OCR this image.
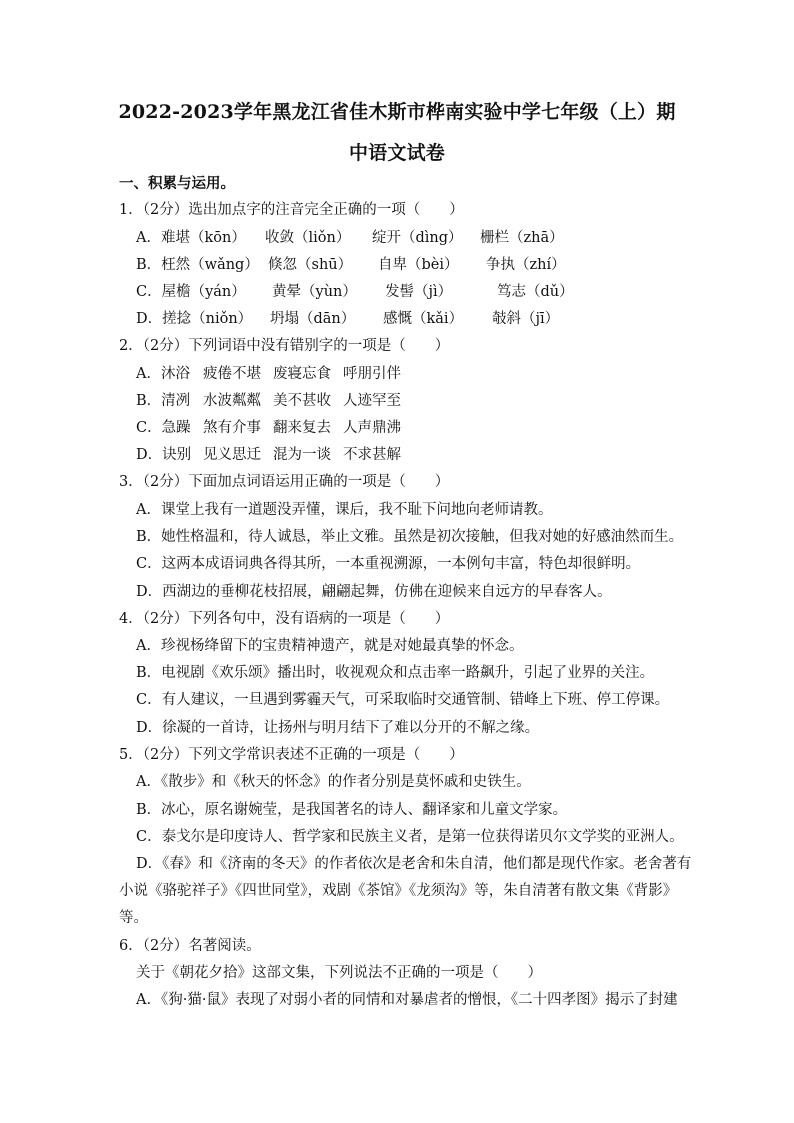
2022-2023学年黑龙江省佳木斯市桦南实验中学七年级（上）期
中语文试卷
一、积累与运用。
1．（2分）选出加点字的注音完全正确的一项（　　）
A．难堪（kōn） 收敛（liǒn） 绽开（dìng） 栅栏（zhā）
B．枉然（wǎng） 倏忽（shū） 自卑（bèi） 争执（zhí）
C．屋檐（yán） 黄晕（yùn） 发髻（jì）	笃志（dǔ）
D．搓捻（niǒn） 坍塌（dān） 感慨（kǎi） 攲斜（jī）
2．（2分）下列词语中没有错别字的一项是（　　）
A．沐浴 疲倦不堪 废寝忘食 呼朋引伴
B．清冽 水波粼粼 美不甚收 人迹罕至
C．急躁 煞有介事 翻来复去 人声鼎沸
D．诀别 见义思迁 混为一谈 不求甚解
3．（2分）下面加点词语运用正确的一项是（　　）
A．课堂上我有一道题没弄懂，课后，我不耻下问地向老师请教。
B．她性格温和，待人诚恳，举止文雅。虽然是初次接触，但我对她的好感油然而生。
C．这两本成语词典各得其所，一本重视溯源，一本例句丰富，特色却很鲜明。
D．西湖边的垂柳花枝招展，翩翩起舞，仿佛在迎候来自远方的早春客人。
4．（2分）下列各句中，没有语病的一项是（　　）
A．珍视杨绛留下的宝贵精神遗产，就是对她最真挚的怀念。
B．电视剧《欢乐颂》播出时，收视观众和点击率一路飙升，引起了业界的关注。
C．有人建议，一旦遇到雾霾天气，可采取临时交通管制、错峰上下班、停工停课。
D．徐凝的一首诗，让扬州与明月结下了难以分开的不解之缘。
5．（2分）下列文学常识表述不正确的一项是（　　）
A．《散步》和《秋天的怀念》的作者分别是莫怀戚和史铁生。
B．冰心，原名谢婉莹，是我国著名的诗人、翻译家和儿童文学家。
C．泰戈尔是印度诗人、哲学家和民族主义者，是第一位获得诺贝尔文学奖的亚洲人。
D．《春》和《济南的冬天》的作者依次是老舍和朱自清，他们都是现代作家。老舍著有
小说《骆驼祥子》《四世同堂》，戏剧《茶馆》《龙须沟》等，朱自清著有散文集《背影》
等。
6．（2分）名著阅读。
关于《朝花夕拾》这部文集，下列说法不正确的一项是（　　）
A．《狗·猫·鼠》表现了对弱小者的同情和对暴虐者的憎恨，《二十四孝图》揭示了封建
